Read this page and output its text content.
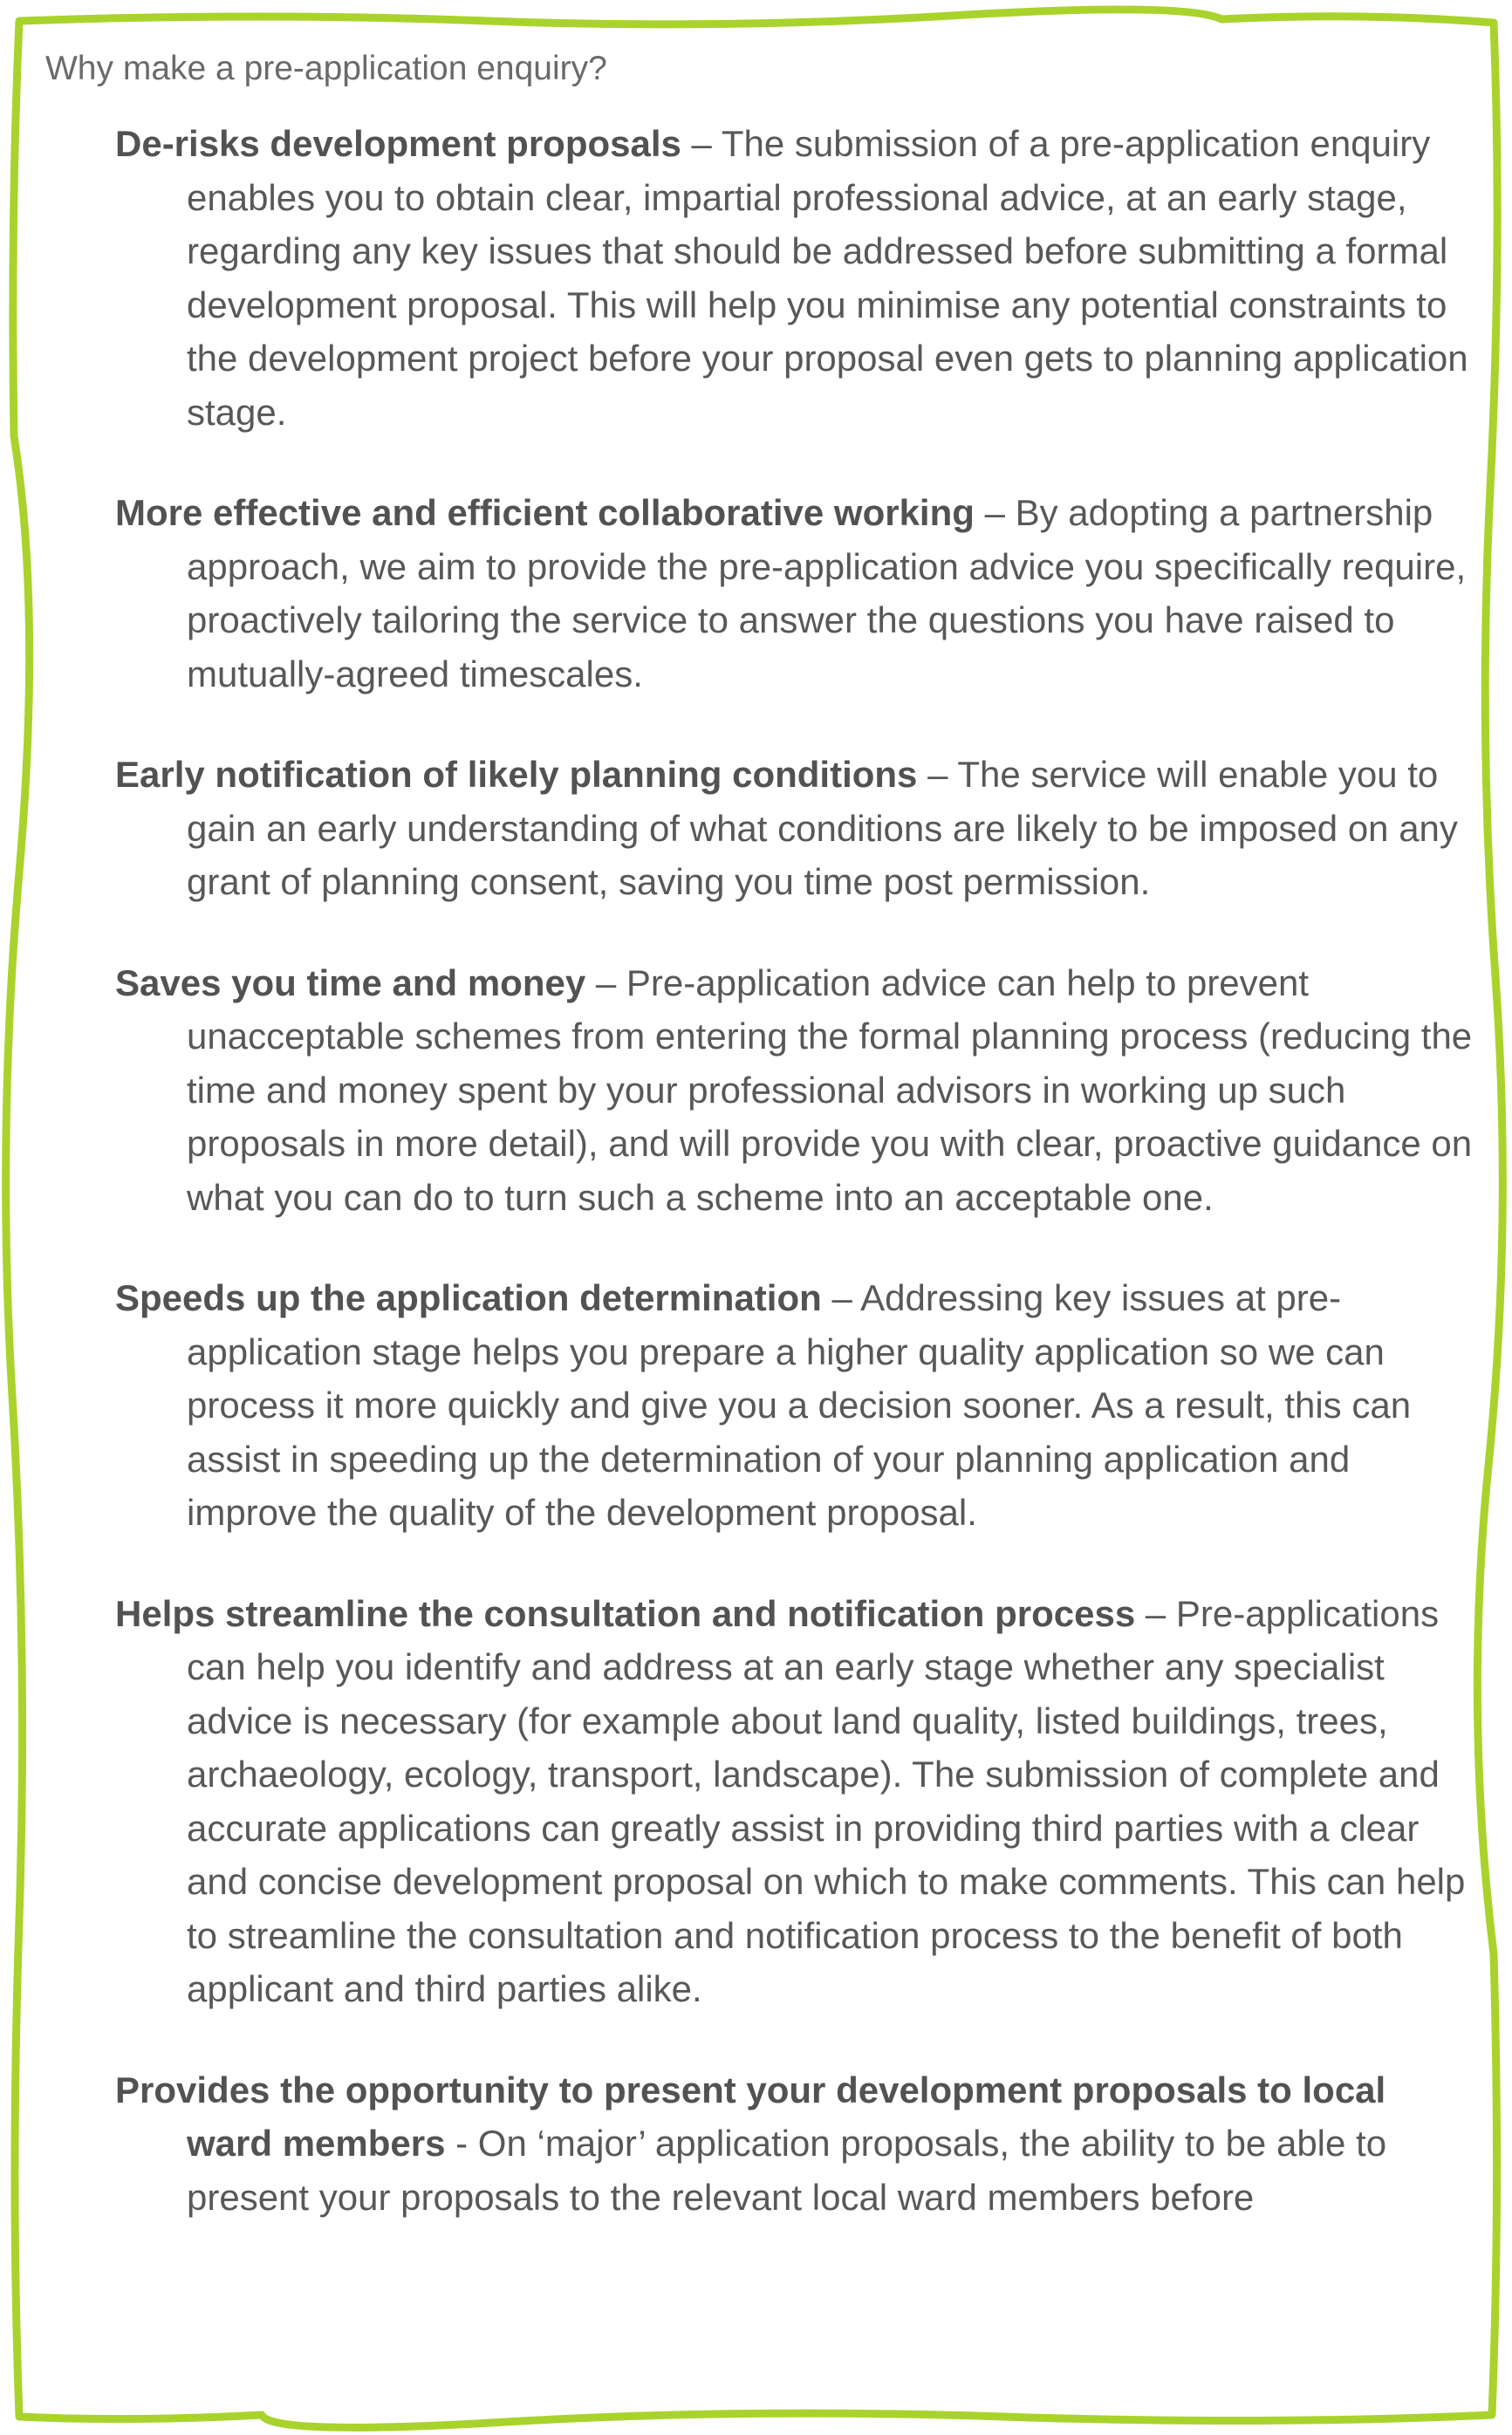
Why make a pre-application enquiry?

De-risks development proposals – The submission of a pre-application enquiry enables you to obtain clear, impartial professional advice, at an early stage, regarding any key issues that should be addressed before submitting a formal development proposal. This will help you minimise any potential constraints to the development project before your proposal even gets to planning application stage.

More effective and efficient collaborative working – By adopting a partnership approach, we aim to provide the pre-application advice you specifically require, proactively tailoring the service to answer the questions you have raised to mutually-agreed timescales.

Early notification of likely planning conditions – The service will enable you to gain an early understanding of what conditions are likely to be imposed on any grant of planning consent, saving you time post permission.

Saves you time and money – Pre-application advice can help to prevent unacceptable schemes from entering the formal planning process (reducing the time and money spent by your professional advisors in working up such proposals in more detail), and will provide you with clear, proactive guidance on what you can do to turn such a scheme into an acceptable one.

Speeds up the application determination – Addressing key issues at pre-application stage helps you prepare a higher quality application so we can process it more quickly and give you a decision sooner. As a result, this can assist in speeding up the determination of your planning application and improve the quality of the development proposal.

Helps streamline the consultation and notification process – Pre-applications can help you identify and address at an early stage whether any specialist advice is necessary (for example about land quality, listed buildings, trees, archaeology, ecology, transport, landscape). The submission of complete and accurate applications can greatly assist in providing third parties with a clear and concise development proposal on which to make comments. This can help to streamline the consultation and notification process to the benefit of both applicant and third parties alike.

Provides the opportunity to present your development proposals to local ward members - On ‘major’ application proposals, the ability to be able to present your proposals to the relevant local ward members before
